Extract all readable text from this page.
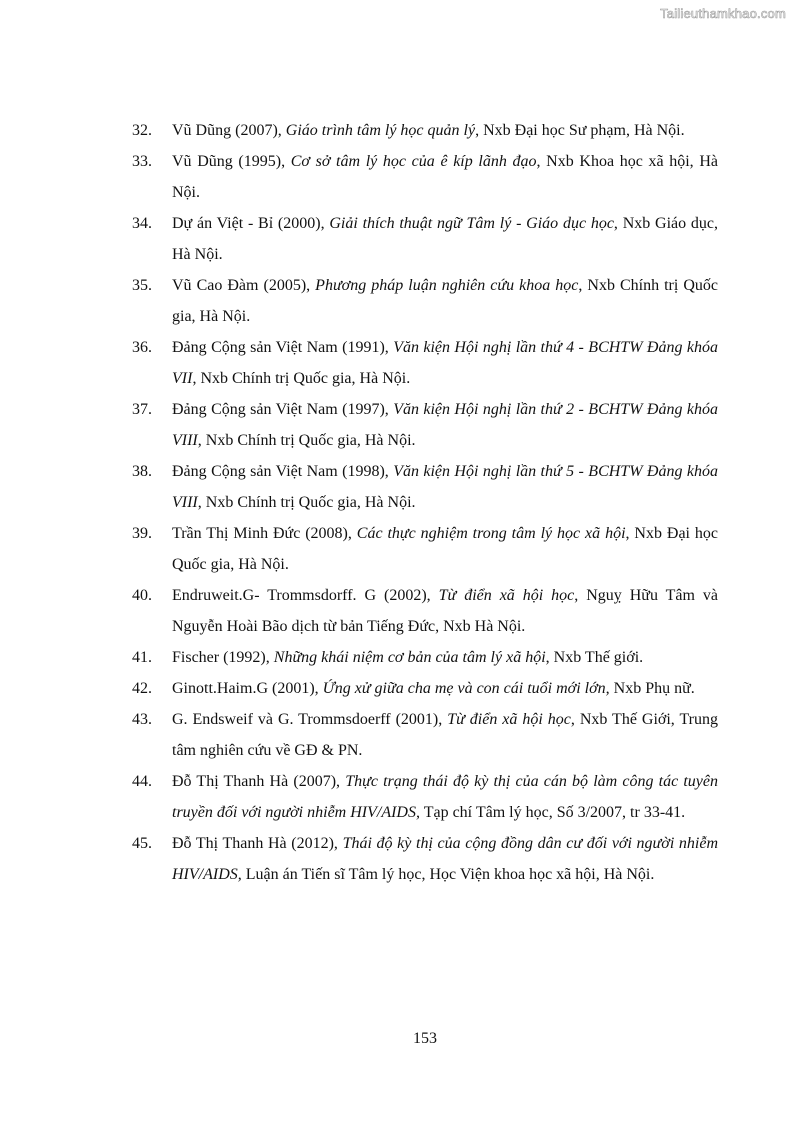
Tailieuthamkhao.com
32. Vũ Dũng (2007), Giáo trình tâm lý học quản lý, Nxb Đại học Sư phạm, Hà Nội.
33. Vũ Dũng (1995), Cơ sở tâm lý học của ê kíp lãnh đạo, Nxb Khoa học xã hội, Hà Nội.
34. Dự án Việt - Bỉ (2000), Giải thích thuật ngữ Tâm lý - Giáo dục học, Nxb Giáo dục, Hà Nội.
35. Vũ Cao Đàm (2005), Phương pháp luận nghiên cứu khoa học, Nxb Chính trị Quốc gia, Hà Nội.
36. Đảng Cộng sản Việt Nam (1991), Văn kiện Hội nghị lần thứ 4 - BCHTW Đảng khóa VII, Nxb Chính trị Quốc gia, Hà Nội.
37. Đảng Cộng sản Việt Nam (1997), Văn kiện Hội nghị lần thứ 2 - BCHTW Đảng khóa VIII, Nxb Chính trị Quốc gia, Hà Nội.
38. Đảng Cộng sản Việt Nam (1998), Văn kiện Hội nghị lần thứ 5 - BCHTW Đảng khóa VIII, Nxb Chính trị Quốc gia, Hà Nội.
39. Trần Thị Minh Đức (2008), Các thực nghiệm trong tâm lý học xã hội, Nxb Đại học Quốc gia, Hà Nội.
40. Endruweit.G- Trommsdorff. G (2002), Từ điển xã hội học, Nguỵ Hữu Tâm và Nguyễn Hoài Bão dịch từ bản Tiếng Đức, Nxb Hà Nội.
41. Fischer (1992), Những khái niệm cơ bản của tâm lý xã hội, Nxb Thế giới.
42. Ginott.Haim.G (2001), Ứng xử giữa cha mẹ và con cái tuổi mới lớn, Nxb Phụ nữ.
43. G. Endsweif và G. Trommsdoerff (2001), Từ điển xã hội học, Nxb Thế Giới, Trung tâm nghiên cứu về GĐ & PN.
44. Đỗ Thị Thanh Hà (2007), Thực trạng thái độ kỳ thị của cán bộ làm công tác tuyên truyền đối với người nhiễm HIV/AIDS, Tạp chí Tâm lý học, Số 3/2007, tr 33-41.
45. Đỗ Thị Thanh Hà (2012), Thái độ kỳ thị của cộng đồng dân cư đối với người nhiễm HIV/AIDS, Luận án Tiến sĩ Tâm lý học, Học Viện khoa học xã hội, Hà Nội.
153
